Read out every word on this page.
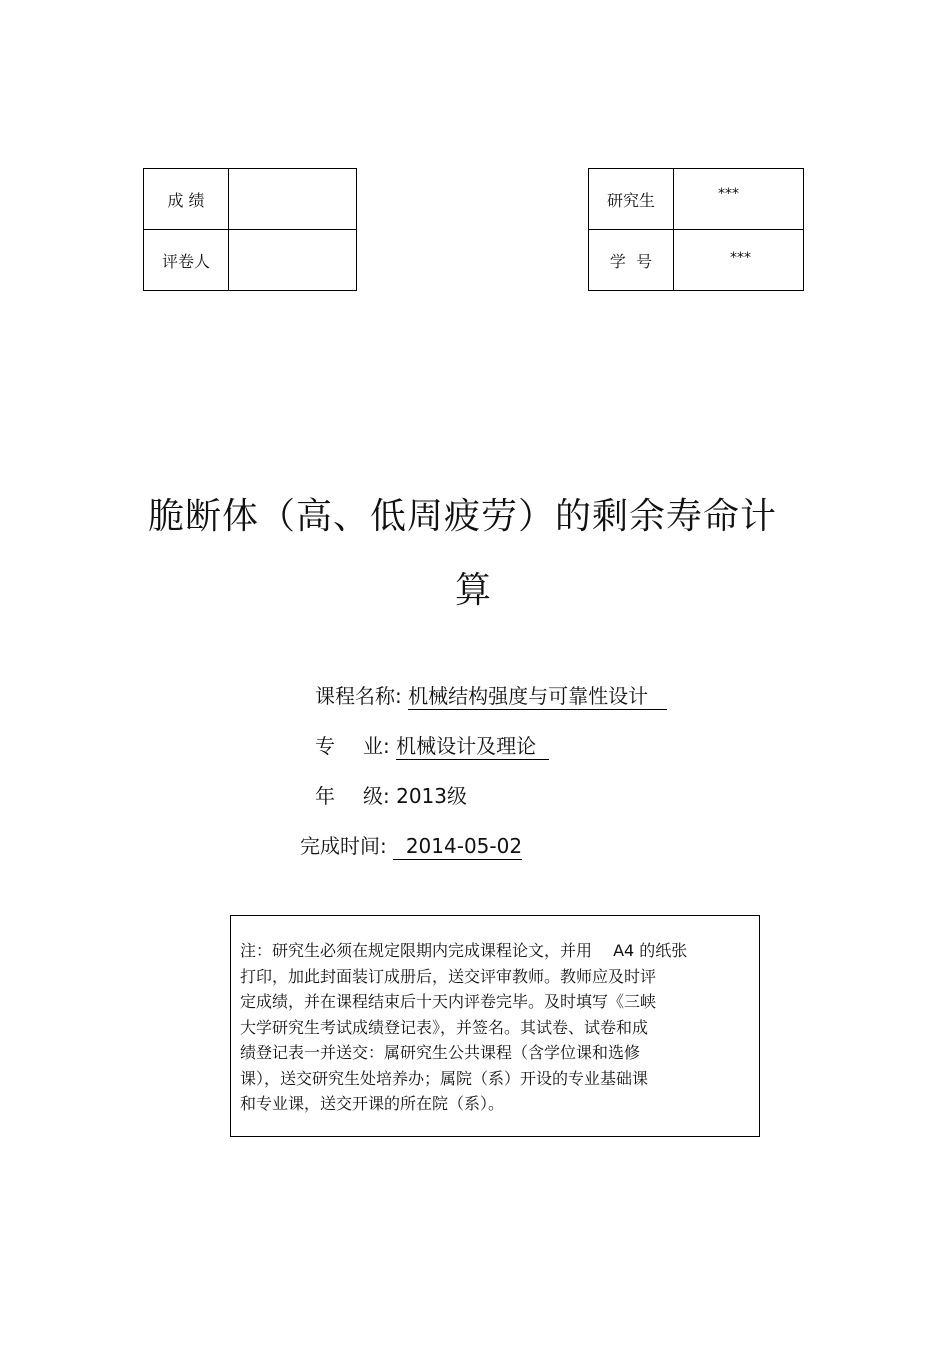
成 绩	
评卷人	
研究生	***
学  号	***
脆断体（高、低周疲劳）的剩余寿命计
算
课程名称: 机械结构强度与可靠性设计
专 业: 机械设计及理论
年 级: 2013级
完成时间: 2014-05-02
注：研究生必须在规定限期内完成课程论文，并用　 A4 的纸张
打印，加此封面装订成册后，送交评审教师。教师应及时评
定成绩，并在课程结束后十天内评卷完毕。及时填写《三峡
大学研究生考试成绩登记表》，并签名。其试卷、试卷和成
绩登记表一并送交：属研究生公共课程（含学位课和选修
课），送交研究生处培养办；属院（系）开设的专业基础课
和专业课，送交开课的所在院（系）。
